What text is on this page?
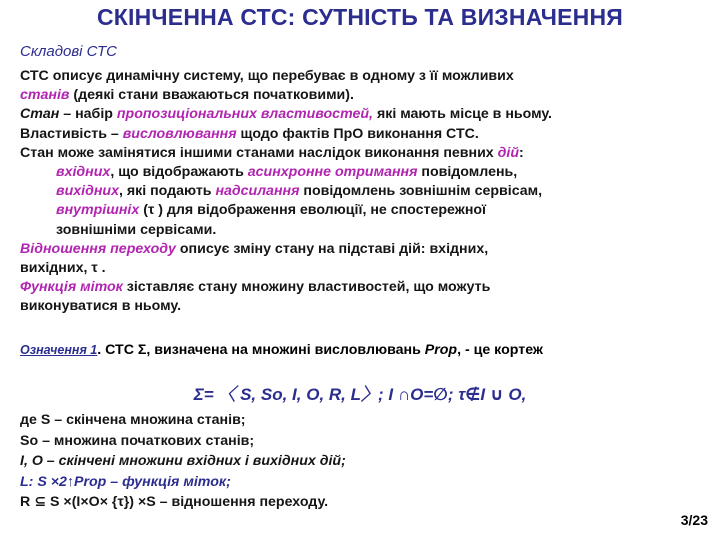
СКІНЧЕННА СТС: СУТНІСТЬ ТА ВИЗНАЧЕННЯ
Складові СТС

СТС описує динамічну систему, що перебуває в одному з її можливих

станів (деякі стани вважаються початковими).

Стан – набір пропозиціональних властивостей, які мають місце в ньому.

Властивість – висловлювання щодо фактів ПрО виконання СТС.

Стан може замінятися іншими станами наслідок виконання певних дій:

вхідних, що відображають асинхронне отримання повідомлень,

вихідних, які подають надсилання повідомлень зовнішнім сервісам,

внутрішніх (τ ) для відображення еволюції, не спостережної

зовнішніми сервісами.

Відношення переходу описує зміну стану на підставі дій: вхідних,

вихідних, τ .

Функція міток зіставляє стану множину властивостей, що можуть

виконуватися в ньому.

Означення 1. СТС Σ, визначена на множині висловлювань Prop, - це кортеж
Σ= 〈 S, So, I, O, R, L〉; I ∩O=∅; τ∉I ∪ O,

де S – скінчена множина станів;

So – множина початкових станів;

I, O – скінчені множини вхідних і вихідних дій;

L: S ×2↑Prop – функція міток;

R ⊆ S ×(I×O× {τ}) ×S – відношення переходу.

3/23
